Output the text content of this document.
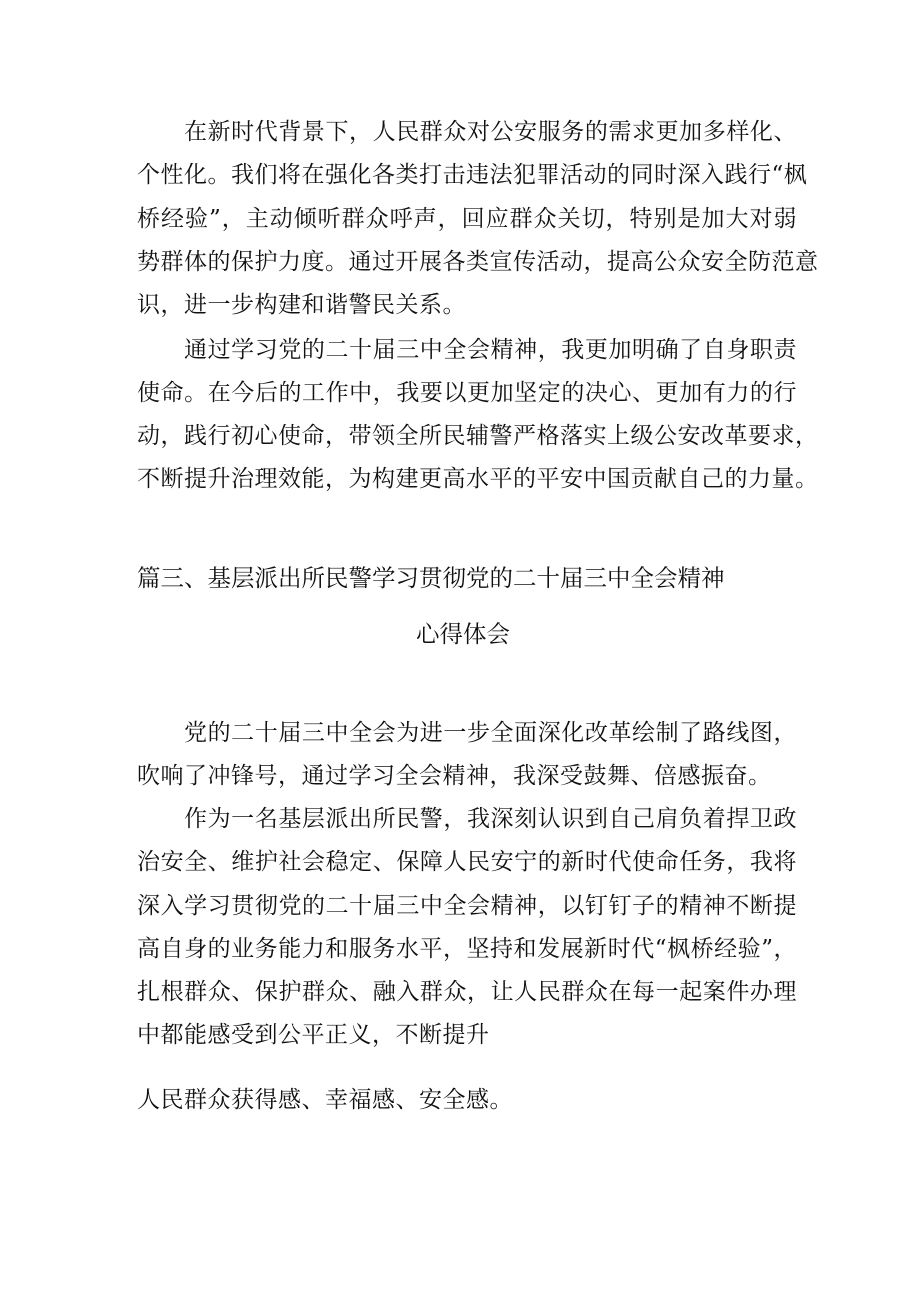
在新时代背景下，人民群众对公安服务的需求更加多样化、
个性化。我们将在强化各类打击违法犯罪活动的同时深入践行“枫
桥经验”，主动倾听群众呼声，回应群众关切，特别是加大对弱
势群体的保护力度。通过开展各类宣传活动，提高公众安全防范意
识，进一步构建和谐警民关系。
通过学习党的二十届三中全会精神，我更加明确了自身职责
使命。在今后的工作中，我要以更加坚定的决心、更加有力的行
动，践行初心使命，带领全所民辅警严格落实上级公安改革要求，
不断提升治理效能，为构建更高水平的平安中国贡献自己的力量。
篇三、基层派出所民警学习贯彻党的二十届三中全会精神
心得体会
党的二十届三中全会为进一步全面深化改革绘制了路线图，
吹响了冲锋号，通过学习全会精神，我深受鼓舞、倍感振奋。
作为一名基层派出所民警，我深刻认识到自己肩负着捍卫政
治安全、维护社会稳定、保障人民安宁的新时代使命任务，我将
深入学习贯彻党的二十届三中全会精神，以钉钉子的精神不断提
高自身的业务能力和服务水平，坚持和发展新时代“枫桥经验”，
扎根群众、保护群众、融入群众，让人民群众在每一起案件办理
中都能感受到公平正义，不断提升
人民群众获得感、幸福感、安全感。
